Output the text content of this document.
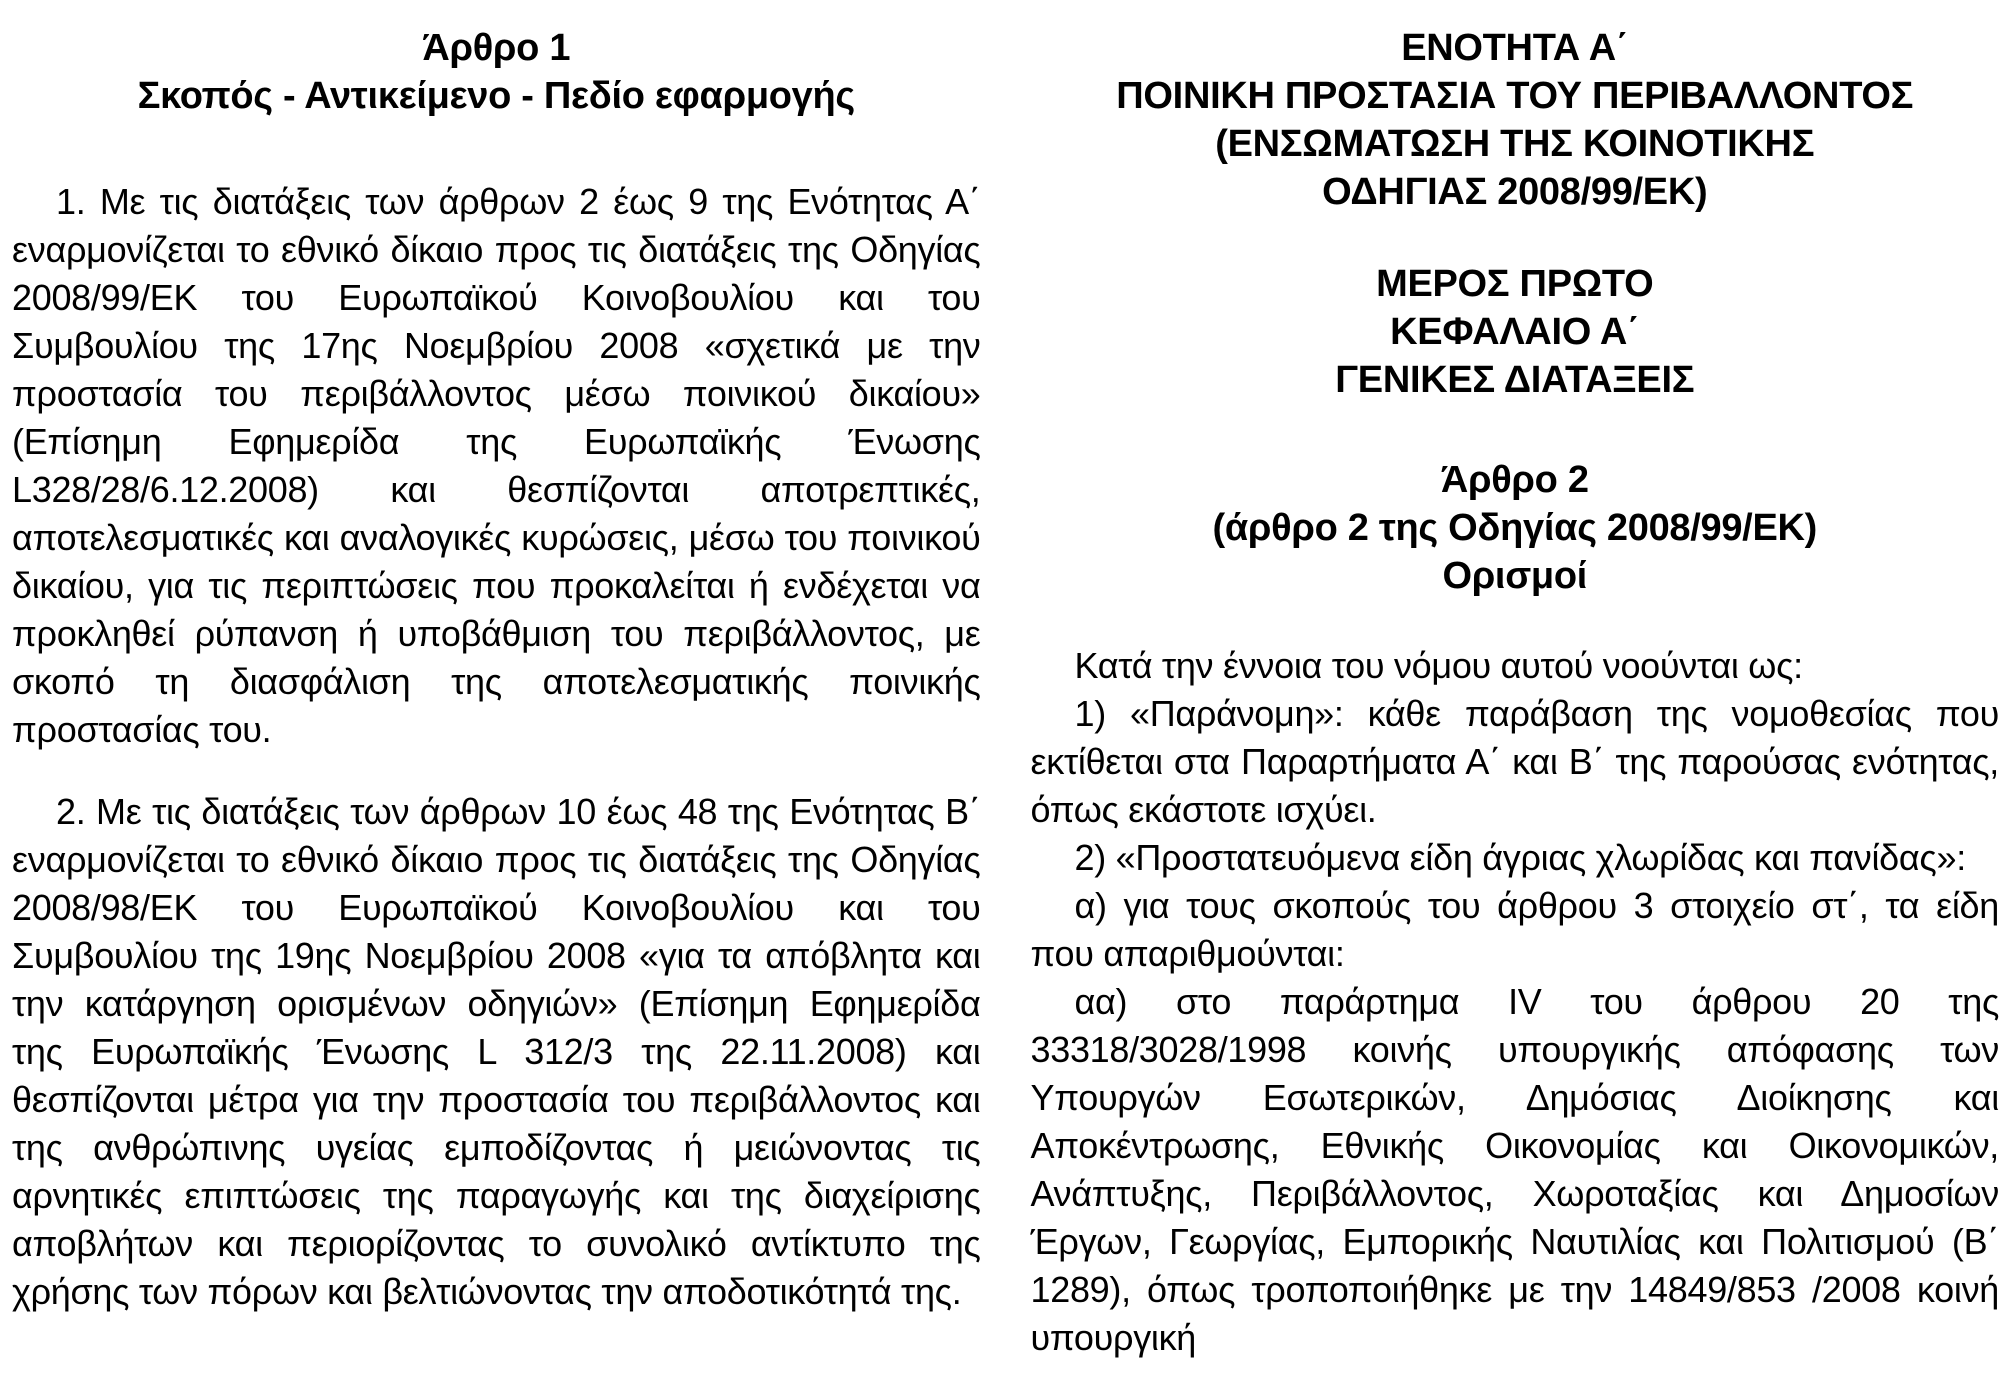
Άρθρο 1
Σκοπός - Αντικείμενο - Πεδίο εφαρμογής

1. Με τις διατάξεις των άρθρων 2 έως 9 της Ενότητας Α΄ εναρμονίζεται το εθνικό δίκαιο προς τις διατάξεις της Οδηγίας 2008/99/ΕΚ του Ευρωπαϊκού Κοινοβουλίου και του Συμβουλίου της 17ης Νοεμβρίου 2008 «σχετικά με την προστασία του περιβάλλοντος μέσω ποινικού δικαίου» (Επίσημη Εφημερίδα της Ευρωπαϊκής Ένωσης L328/28/6.12.2008) και θεσπίζονται αποτρεπτικές, αποτελεσματικές και αναλογικές κυρώσεις, μέσω του ποινικού δικαίου, για τις περιπτώσεις που προκαλείται ή ενδέχεται να προκληθεί ρύπανση ή υποβάθμιση του περιβάλλοντος, με σκοπό τη διασφάλιση της αποτελεσματικής ποινικής προστασίας του.

2. Με τις διατάξεις των άρθρων 10 έως 48 της Ενότητας Β΄ εναρμονίζεται το εθνικό δίκαιο προς τις διατάξεις της Οδηγίας 2008/98/ΕΚ του Ευρωπαϊκού Κοινοβουλίου και του Συμβουλίου της 19ης Νοεμβρίου 2008 «για τα απόβλητα και την κατάργηση ορισμένων οδηγιών» (Επίσημη Εφημερίδα της Ευρωπαϊκής Ένωσης L 312/3 της 22.11.2008) και θεσπίζονται μέτρα για την προστασία του περιβάλλοντος και της ανθρώπινης υγείας εμποδίζοντας ή μειώνοντας τις αρνητικές επιπτώσεις της παραγωγής και της διαχείρισης αποβλήτων και περιορίζοντας το συνολικό αντίκτυπο της χρήσης των πόρων και βελτιώνοντας την αποδοτικότητά της.

ΕΝΟΤΗΤΑ Α΄
ΠΟΙΝΙΚΗ ΠΡΟΣΤΑΣΙΑ ΤΟΥ ΠΕΡΙΒΑΛΛΟΝΤΟΣ
(ΕΝΣΩΜΑΤΩΣΗ ΤΗΣ ΚΟΙΝΟΤΙΚΗΣ
ΟΔΗΓΙΑΣ 2008/99/ΕΚ)
ΜΕΡΟΣ ΠΡΩΤΟ
ΚΕΦΑΛΑΙΟ Α΄
ΓΕΝΙΚΕΣ ΔΙΑΤΑΞΕΙΣ
Άρθρο 2
(άρθρο 2 της Οδηγίας 2008/99/ΕΚ)
Ορισμοί

Κατά την έννοια του νόμου αυτού νοούνται ως:

1) «Παράνομη»: κάθε παράβαση της νομοθεσίας που εκτίθεται στα Παραρτήματα Α΄ και Β΄ της παρούσας ενότητας, όπως εκάστοτε ισχύει.

2) «Προστατευόμενα είδη άγριας χλωρίδας και πανίδας»:

α) για τους σκοπούς του άρθρου 3 στοιχείο στ΄, τα είδη που απαριθμούνται:

αα) στο παράρτημα IV του άρθρου 20 της 33318/3028/1998 κοινής υπουργικής απόφασης των Υπουργών Εσωτερικών, Δημόσιας Διοίκησης και Αποκέντρωσης, Εθνικής Οικονομίας και Οικονομικών, Ανάπτυξης, Περιβάλλοντος, Χωροταξίας και Δημοσίων Έργων, Γεωργίας, Εμπορικής Ναυτιλίας και Πολιτισμού (Β΄ 1289), όπως τροποποιήθηκε με την 14849/853 /2008 κοινή υπουργική
